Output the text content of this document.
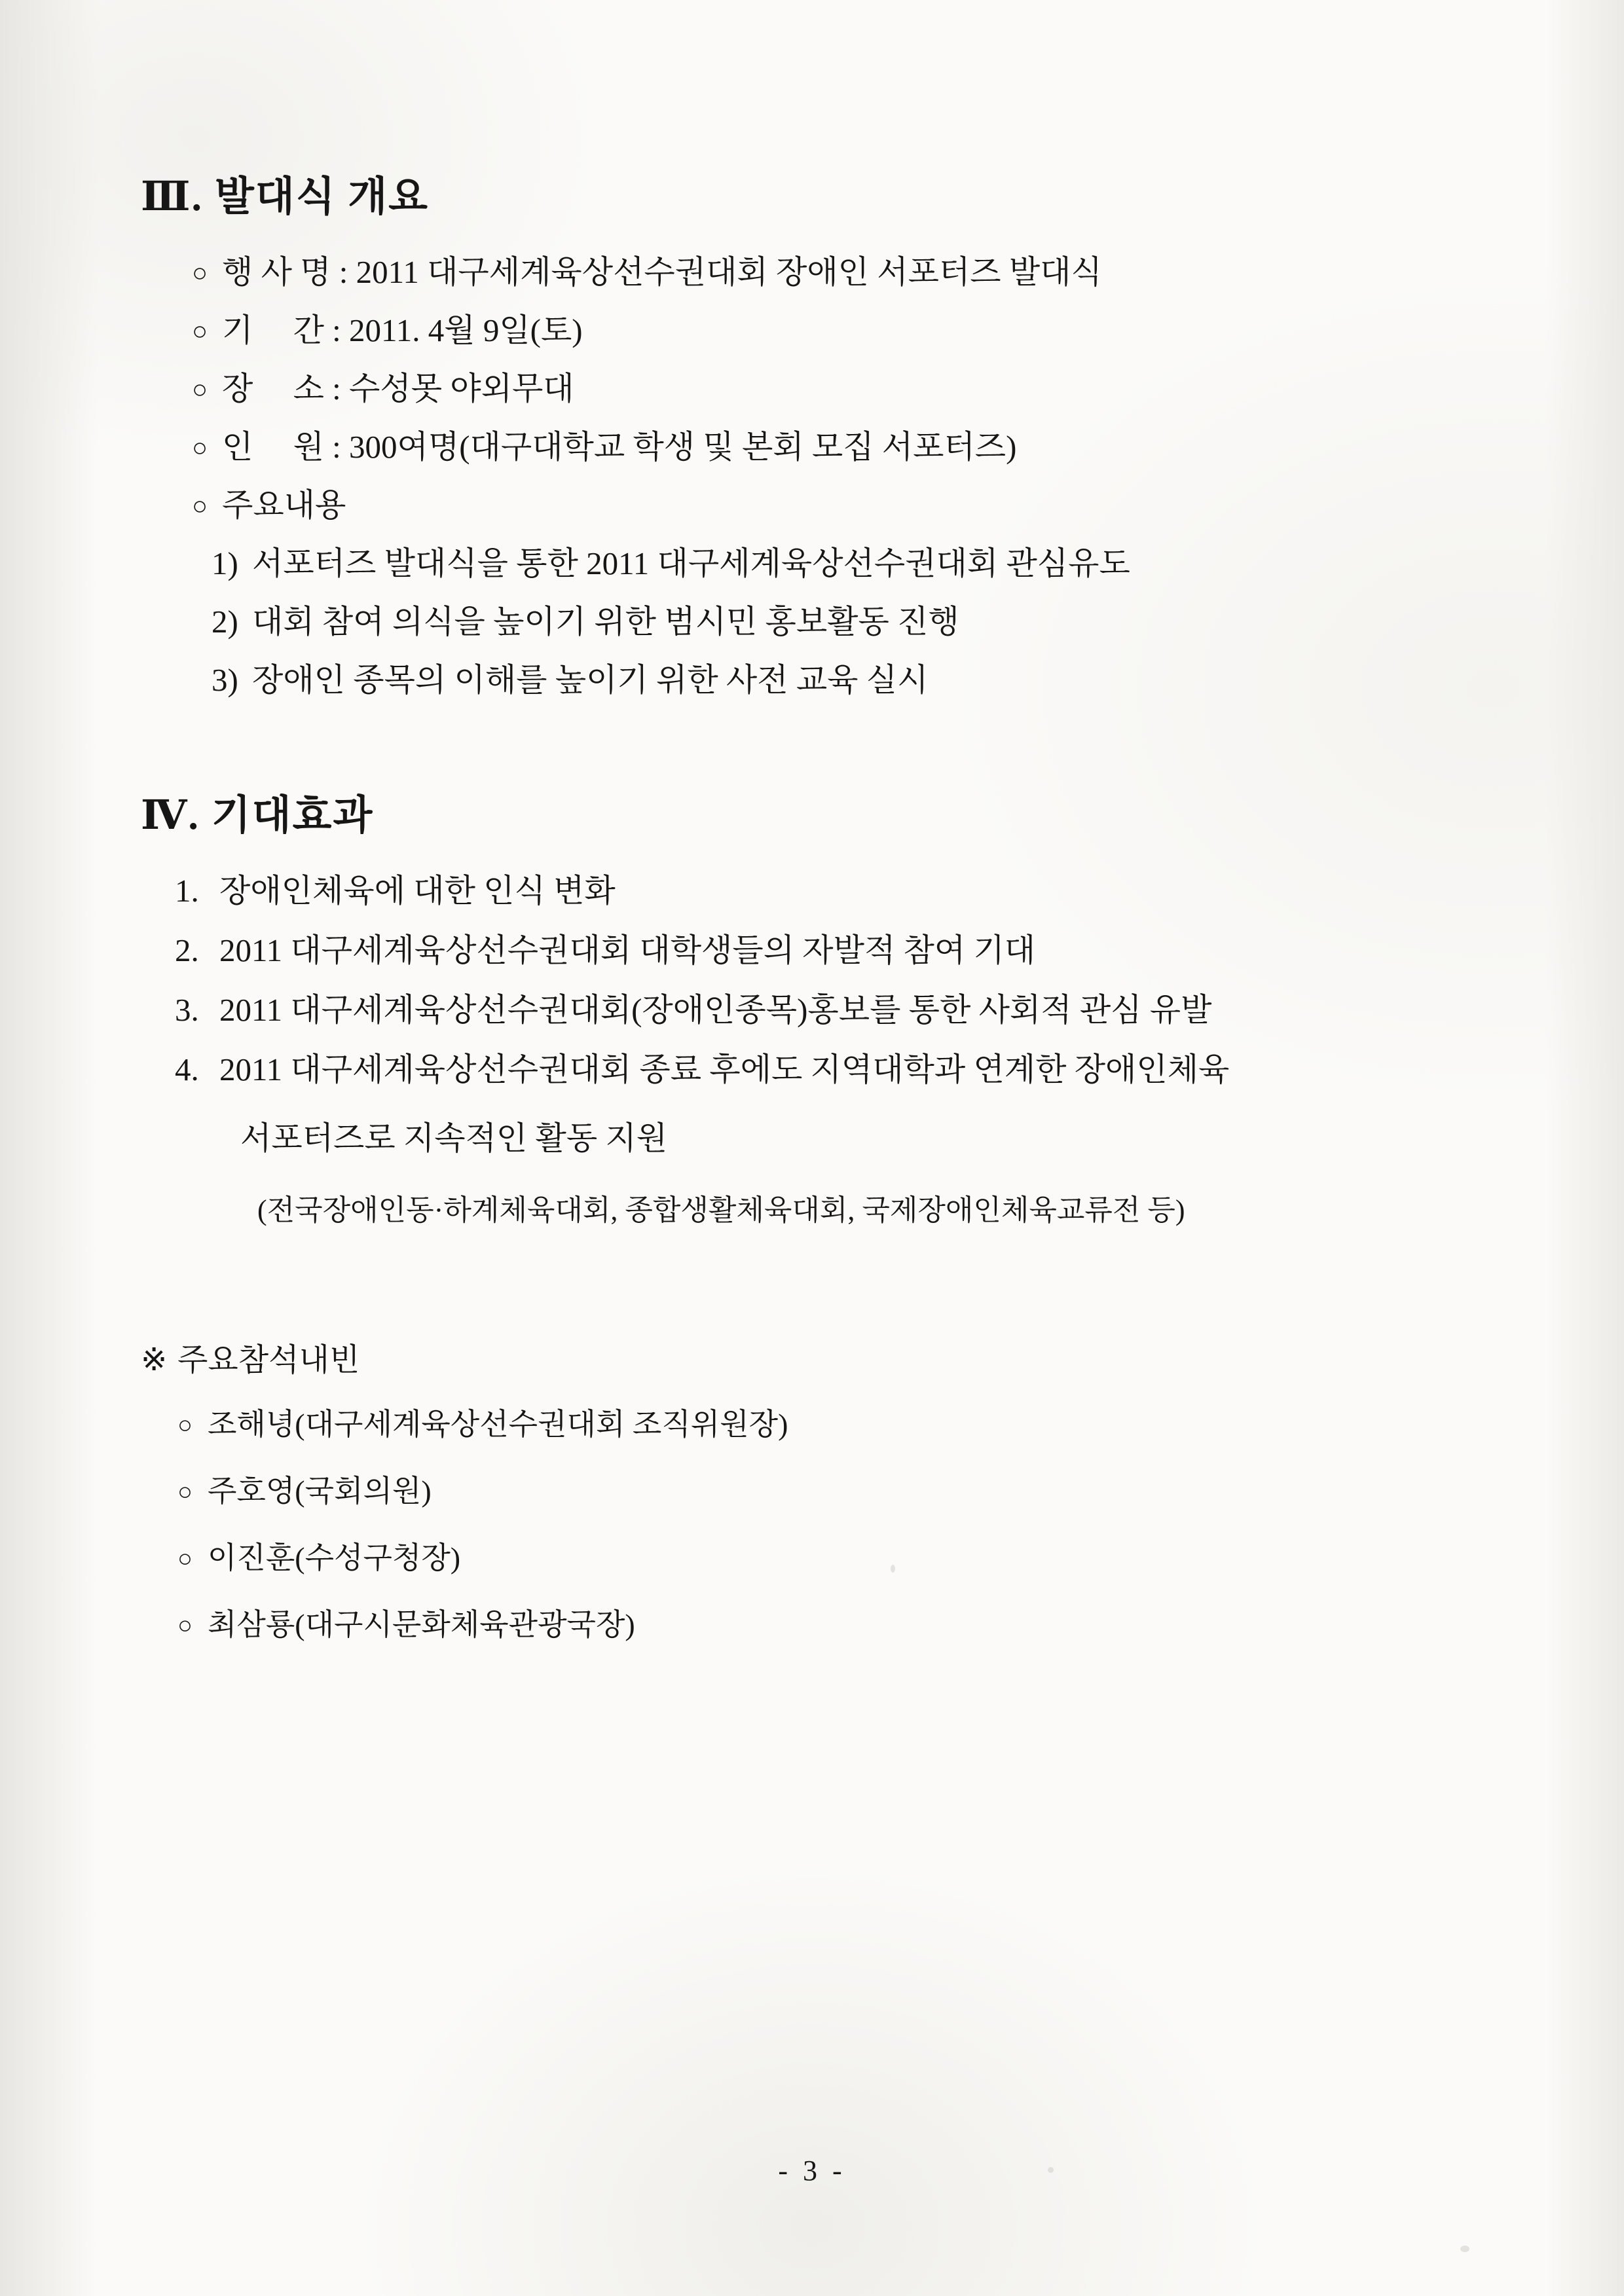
Ⅲ. 발대식 개요

○ 행 사 명 : 2011 대구세계육상선수권대회 장애인 서포터즈 발대식

○ 기     간 : 2011. 4월 9일(토)

○ 장     소 : 수성못 야외무대

○ 인     원 : 300여명(대구대학교 학생 및 본회 모집 서포터즈)

○ 주요내용

1) 서포터즈 발대식을 통한 2011 대구세계육상선수권대회 관심유도

2) 대회 참여 의식을 높이기 위한 범시민 홍보활동 진행

3) 장애인 종목의 이해를 높이기 위한 사전 교육 실시

Ⅳ. 기대효과

1. 장애인체육에 대한 인식 변화

2. 2011 대구세계육상선수권대회 대학생들의 자발적 참여 기대

3. 2011 대구세계육상선수권대회(장애인종목)홍보를 통한 사회적 관심 유발

4. 2011 대구세계육상선수권대회 종료 후에도 지역대학과 연계한 장애인체육

서포터즈로 지속적인 활동 지원

(전국장애인동·하계체육대회, 종합생활체육대회, 국제장애인체육교류전 등)

※ 주요참석내빈

○ 조해녕(대구세계육상선수권대회 조직위원장)

○ 주호영(국회의원)

○ 이진훈(수성구청장)

○ 최삼룡(대구시문화체육관광국장)

- 3 -
